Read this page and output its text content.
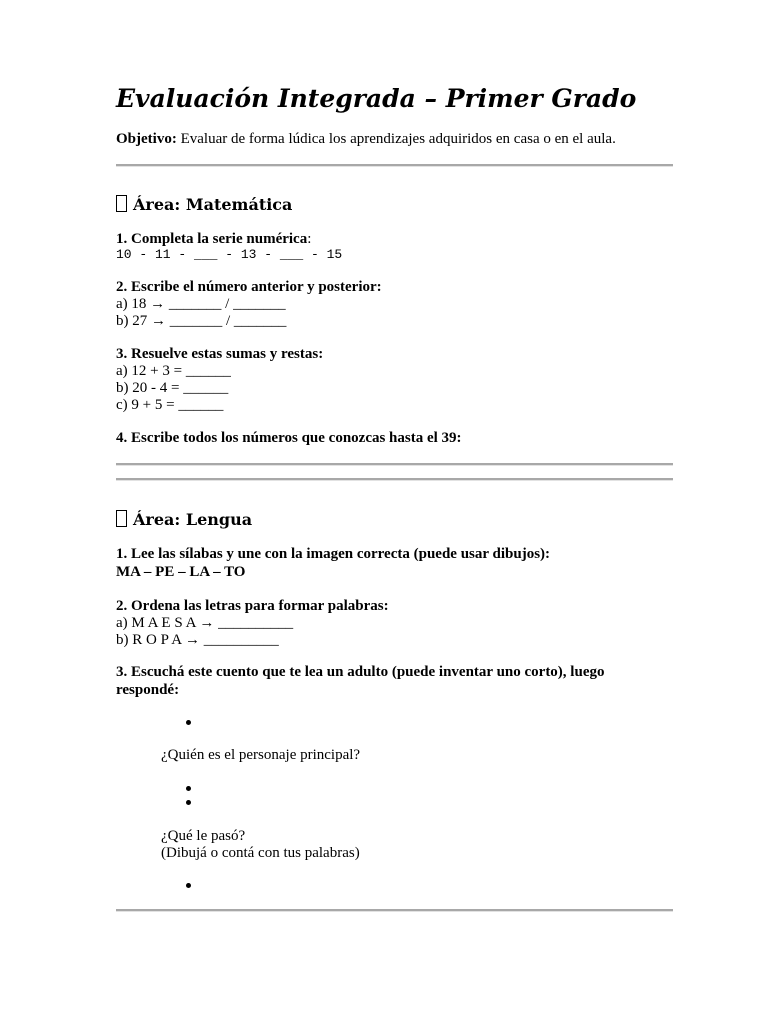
Evaluación Integrada – Primer Grado
Objetivo: Evaluar de forma lúdica los aprendizajes adquiridos en casa o en el aula.
Área: Matemática
1. Completa la serie numérica:
10 - 11 - ___ - 13 - ___ - 15
2. Escribe el número anterior y posterior:
a) 18 → _______ / _______
b) 27 → _______ / _______
3. Resuelve estas sumas y restas:
a) 12 + 3 = ______
b) 20 - 4 = ______
c) 9 + 5 = ______
4. Escribe todos los números que conozcas hasta el 39:
Área: Lengua
1. Lee las sílabas y une con la imagen correcta (puede usar dibujos):
MA – PE – LA – TO
2. Ordena las letras para formar palabras:
a) M A E S A → __________
b) R O P A → __________
3. Escuchá este cuento que te lea un adulto (puede inventar uno corto), luego
respondé:
¿Quién es el personaje principal?
¿Qué le pasó?
(Dibujá o contá con tus palabras)
